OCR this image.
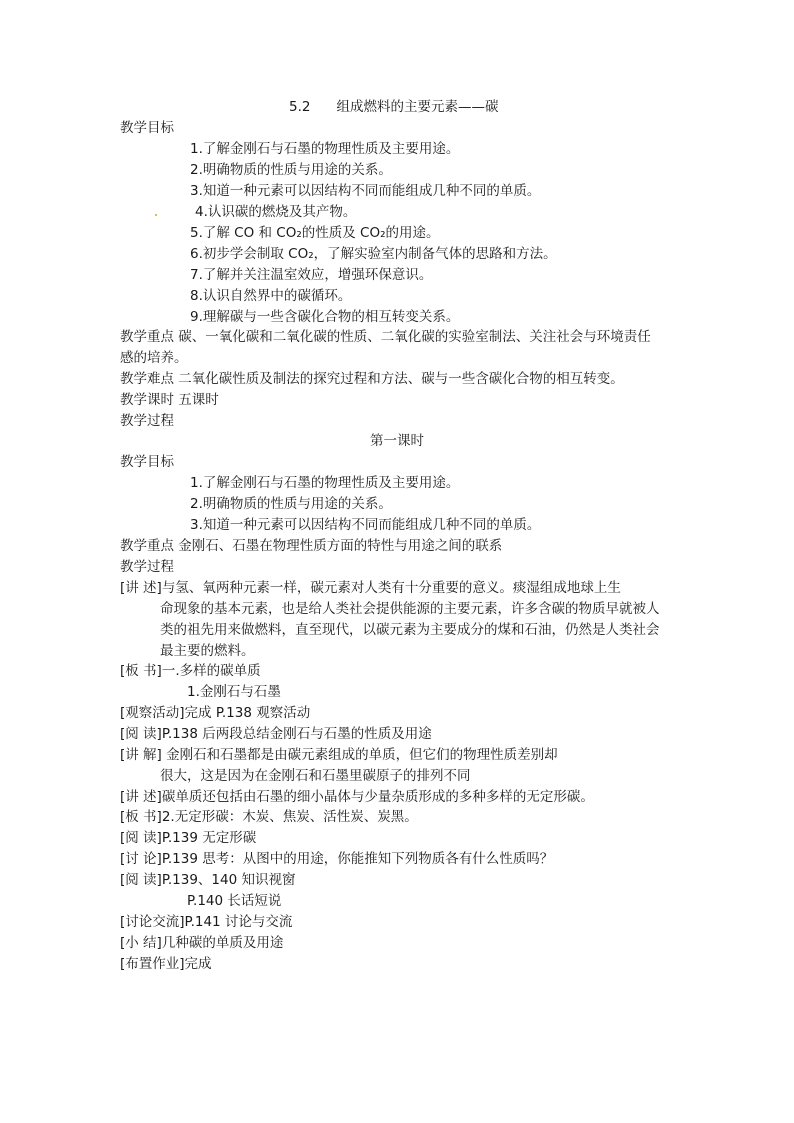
5.2 组成燃料的主要元素——碳
教学目标
1.了解金刚石与石墨的物理性质及主要用途。
2.明确物质的性质与用途的关系。
3.知道一种元素可以因结构不同而能组成几种不同的单质。
4.认识碳的燃烧及其产物。
5.了解 CO 和 CO₂的性质及 CO₂的用途。
6.初步学会制取 CO₂，了解实验室内制备气体的思路和方法。
7.了解并关注温室效应，增强环保意识。
8.认识自然界中的碳循环。
9.理解碳与一些含碳化合物的相互转变关系。
教学重点 碳、一氧化碳和二氧化碳的性质、二氧化碳的实验室制法、关注社会与环境责任
感的培养。
教学难点 二氧化碳性质及制法的探究过程和方法、碳与一些含碳化合物的相互转变。
教学课时 五课时
教学过程
第一课时
教学目标
1.了解金刚石与石墨的物理性质及主要用途。
2.明确物质的性质与用途的关系。
3.知道一种元素可以因结构不同而能组成几种不同的单质。
教学重点 金刚石、石墨在物理性质方面的特性与用途之间的联系
教学过程
[讲 述]与氢、氧两种元素一样，碳元素对人类有十分重要的意义。痰湿组成地球上生
命现象的基本元素，也是给人类社会提供能源的主要元素，许多含碳的物质早就被人
类的祖先用来做燃料，直至现代，以碳元素为主要成分的煤和石油，仍然是人类社会
最主要的燃料。
[板 书]一.多样的碳单质
1.金刚石与石墨
[观察活动]完成 P.138 观察活动
[阅 读]P.138 后两段总结金刚石与石墨的性质及用途
[讲 解] 金刚石和石墨都是由碳元素组成的单质，但它们的物理性质差别却
很大，这是因为在金刚石和石墨里碳原子的排列不同
[讲 述]碳单质还包括由石墨的细小晶体与少量杂质形成的多种多样的无定形碳。
[板 书]2.无定形碳：木炭、焦炭、活性炭、炭黑。
[阅 读]P.139 无定形碳
[讨 论]P.139 思考：从图中的用途，你能推知下列物质各有什么性质吗？
[阅 读]P.139、140 知识视窗
P.140 长话短说
[讨论交流]P.141 讨论与交流
[小 结]几种碳的单质及用途
[布置作业]完成
